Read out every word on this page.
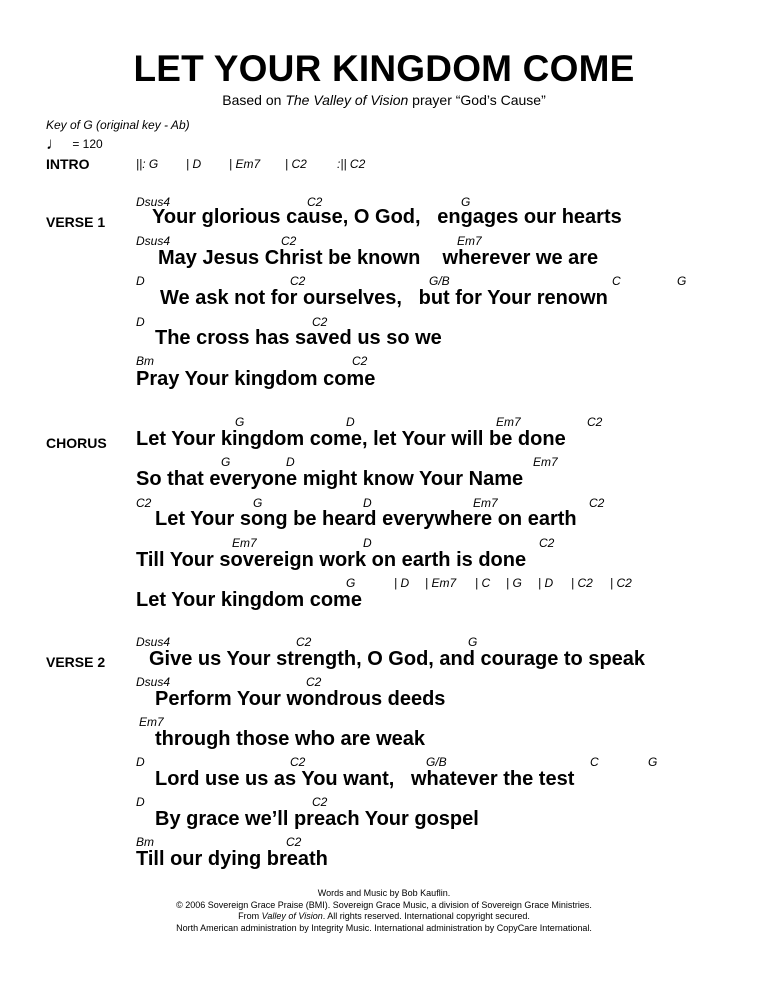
LET YOUR KINGDOM COME
Based on The Valley of Vision prayer “God’s Cause”
Key of G (original key - Ab)
♩ = 120
INTRO	||: G | D | Em7 | C2	:|| C2
VERSE 1
Dsus4	C2	G
Your glorious cause, O God,   engages our hearts
Dsus4	C2	Em7
May Jesus Christ be known    wherever we are
D	C2	G/B	C	G
We ask not for ourselves,   but for Your renown
D	C2
The cross has saved us so we
Bm	C2
Pray Your kingdom come
CHORUS
G	D	Em7	C2
Let Your kingdom come, let Your will be done
G	D	Em7
So that everyone might know Your Name
C2	G	D	Em7	C2
Let Your song be heard everywhere on earth
Em7	D	C2
Till Your sovereign work on earth is done
G	| D | Em7 | C | G | D | C2 | C2
Let Your kingdom come
VERSE 2
Dsus4	C2	G
Give us Your strength, O God, and courage to speak
Dsus4	C2
Perform Your wondrous deeds
Em7
through those who are weak
D	C2	G/B	C	G
Lord use us as You want,   whatever the test
D	C2
By grace we’ll preach Your gospel
Bm	C2
Till our dying breath
Words and Music by Bob Kauflin.
© 2006 Sovereign Grace Praise (BMI). Sovereign Grace Music, a division of Sovereign Grace Ministries.
From Valley of Vision. All rights reserved. International copyright secured.
North American administration by Integrity Music. International administration by CopyCare International.
